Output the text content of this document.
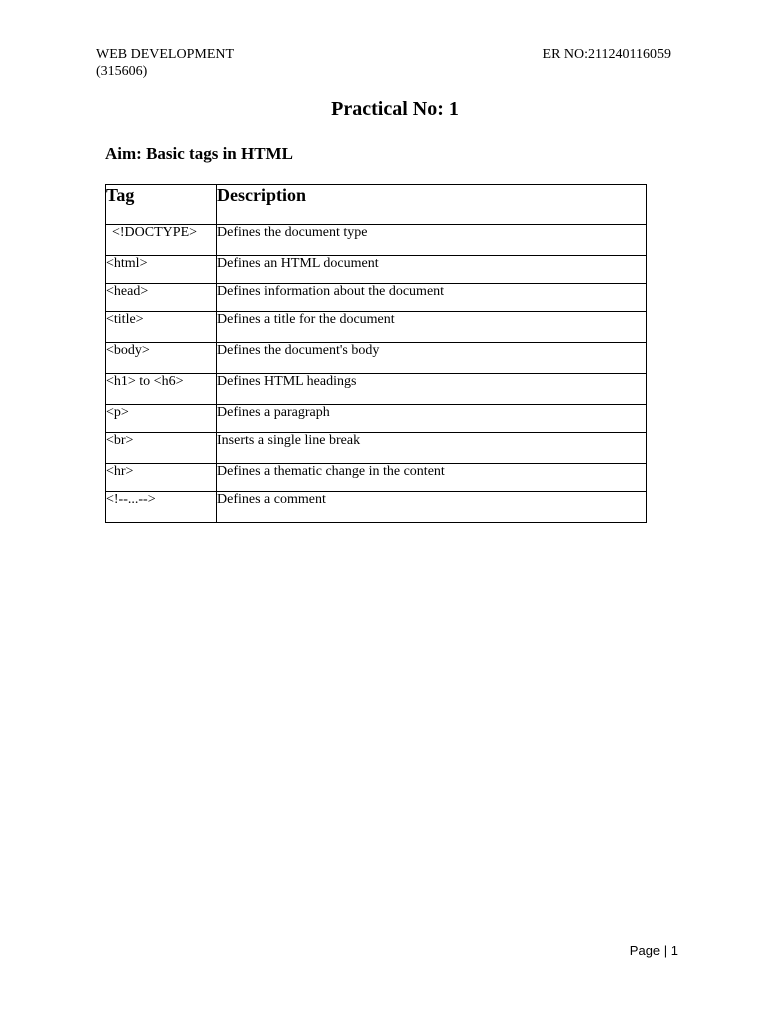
WEB DEVELOPMENT
(315606)
ER NO:211240116059
Practical No: 1
Aim: Basic tags in HTML
Tag	Description
<!DOCTYPE>	Defines the document type
<html>	Defines an HTML document
<head>	Defines information about the document
<title>	Defines a title for the document
<body>	Defines the document's body
<h1> to <h6>	Defines HTML headings
<p>	Defines a paragraph
<br>	Inserts a single line break
<hr>	Defines a thematic change in the content
<!--...-->	Defines a comment
Page | 1
